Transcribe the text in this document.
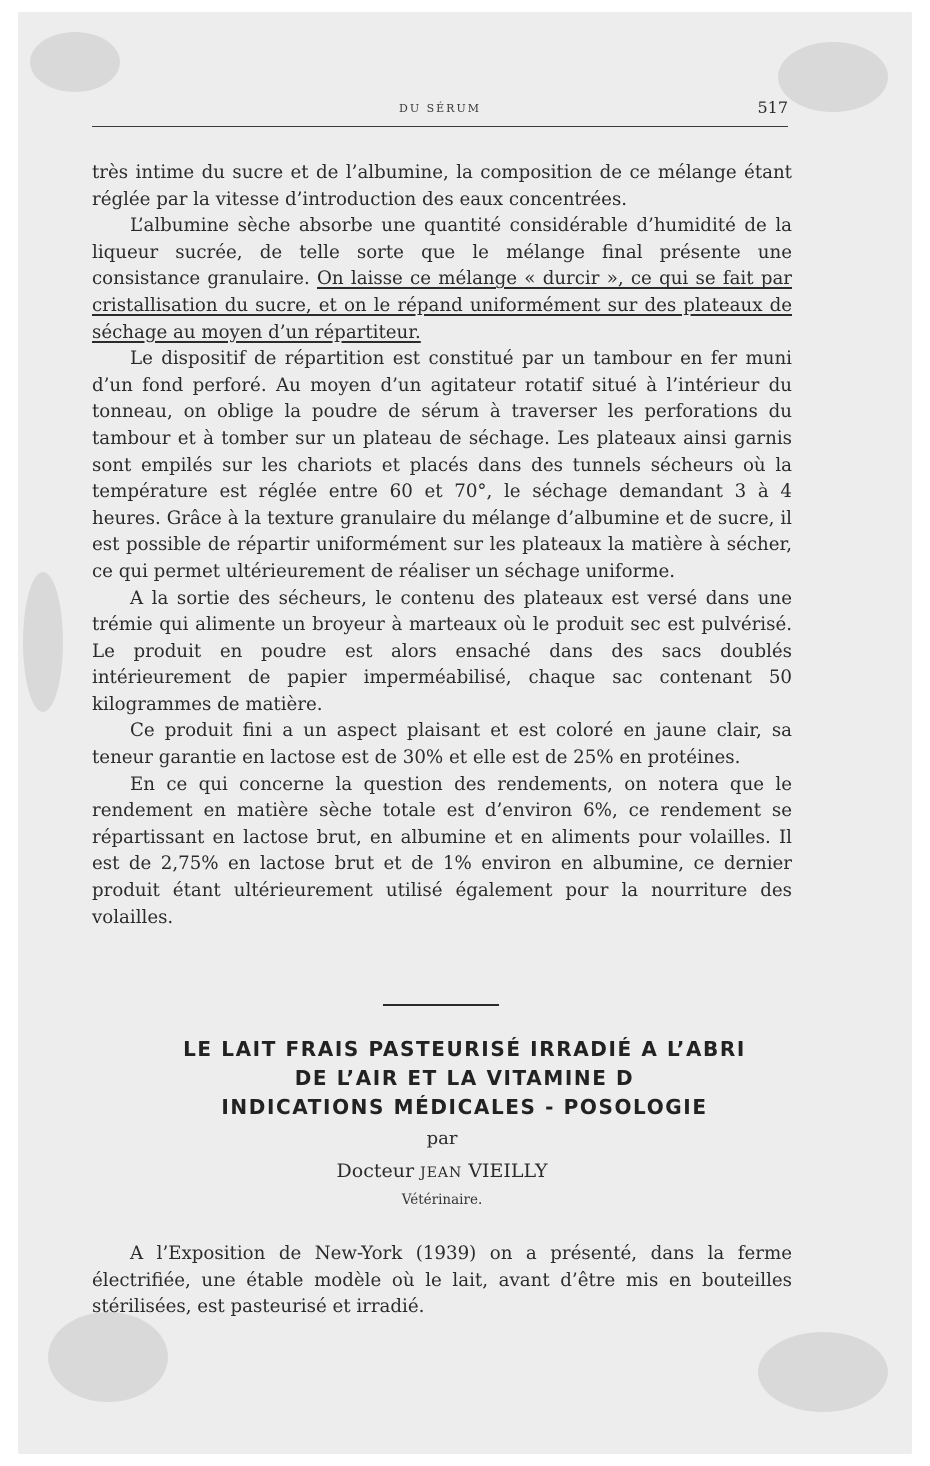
DU SÉRUM	517

très intime du sucre et de l’albumine, la composition de ce mélange étant réglée par la vitesse d’introduction des eaux concentrées.

L’albumine sèche absorbe une quantité considérable d’humidité de la liqueur sucrée, de telle sorte que le mélange final présente une consistance granulaire. On laisse ce mélange « durcir », ce qui se fait par cristallisation du sucre, et on le répand uniformément sur des plateaux de séchage au moyen d’un répartiteur.

Le dispositif de répartition est constitué par un tambour en fer muni d’un fond perforé. Au moyen d’un agitateur rotatif situé à l’intérieur du tonneau, on oblige la poudre de sérum à traverser les perforations du tambour et à tomber sur un plateau de séchage. Les plateaux ainsi garnis sont empilés sur les chariots et placés dans des tunnels sécheurs où la température est réglée entre 60 et 70°, le séchage demandant 3 à 4 heures. Grâce à la texture granulaire du mélange d’albumine et de sucre, il est possible de répartir uniformément sur les plateaux la matière à sécher, ce qui permet ultérieurement de réaliser un séchage uniforme.

A la sortie des sécheurs, le contenu des plateaux est versé dans une trémie qui alimente un broyeur à marteaux où le produit sec est pulvérisé. Le produit en poudre est alors ensaché dans des sacs doublés intérieurement de papier imperméabilisé, chaque sac contenant 50 kilogrammes de matière.

Ce produit fini a un aspect plaisant et est coloré en jaune clair, sa teneur garantie en lactose est de 30% et elle est de 25% en protéines.

En ce qui concerne la question des rendements, on notera que le rendement en matière sèche totale est d’environ 6%, ce rendement se répartissant en lactose brut, en albumine et en aliments pour volailles. Il est de 2,75% en lactose brut et de 1% environ en albumine, ce dernier produit étant ultérieurement utilisé également pour la nourriture des volailles.

LE LAIT FRAIS PASTEURISÉ IRRADIÉ A L’ABRI
DE L’AIR ET LA VITAMINE D
INDICATIONS MÉDICALES - POSOLOGIE
par
Docteur JEAN VIEILLY
Vétérinaire.

A l’Exposition de New-York (1939) on a présenté, dans la ferme électrifiée, une étable modèle où le lait, avant d’être mis en bouteilles stérilisées, est pasteurisé et irradié.
